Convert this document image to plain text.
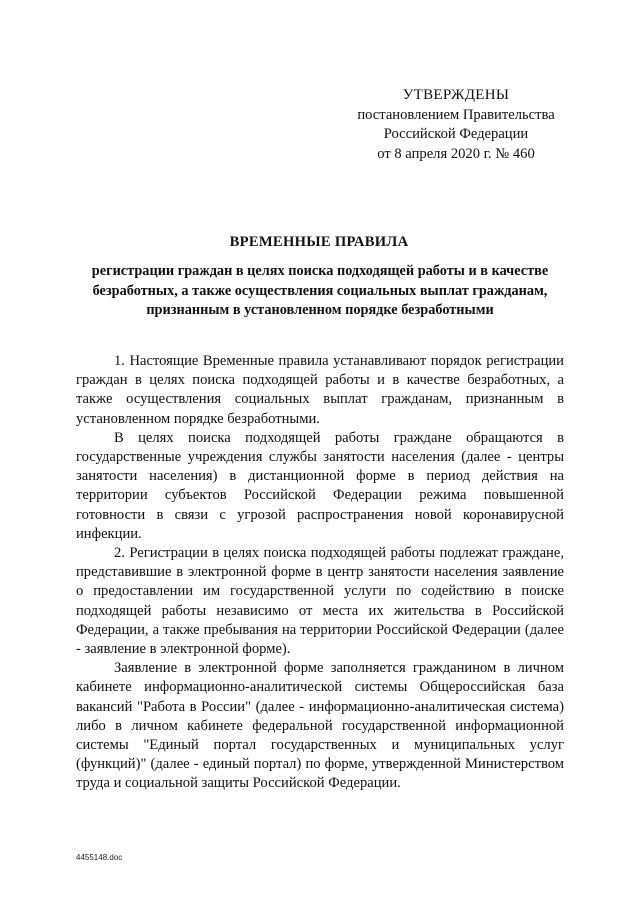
УТВЕРЖДЕНЫ
постановлением Правительства
Российской Федерации
от 8 апреля 2020 г. № 460
ВРЕМЕННЫЕ ПРАВИЛА
регистрации граждан в целях поиска подходящей работы и в качестве безработных, а также осуществления социальных выплат гражданам, признанным в установленном порядке безработными

1. Настоящие Временные правила устанавливают порядок регистрации граждан в целях поиска подходящей работы и в качестве безработных, а также осуществления социальных выплат гражданам, признанным в установленном порядке безработными.

В целях поиска подходящей работы граждане обращаются в государственные учреждения службы занятости населения (далее - центры занятости населения) в дистанционной форме в период действия на территории субъектов Российской Федерации режима повышенной готовности в связи с угрозой распространения новой коронавирусной инфекции.

2. Регистрации в целях поиска подходящей работы подлежат граждане, представившие в электронной форме в центр занятости населения заявление о предоставлении им государственной услуги по содействию в поиске подходящей работы независимо от места их жительства в Российской Федерации, а также пребывания на территории Российской Федерации (далее - заявление в электронной форме).

Заявление в электронной форме заполняется гражданином в личном кабинете информационно-аналитической системы Общероссийская база вакансий "Работа в России" (далее - информационно-аналитическая система) либо в личном кабинете федеральной государственной информационной системы "Единый портал государственных и муниципальных услуг (функций)" (далее - единый портал) по форме, утвержденной Министерством труда и социальной защиты Российской Федерации.

4455148.doc
